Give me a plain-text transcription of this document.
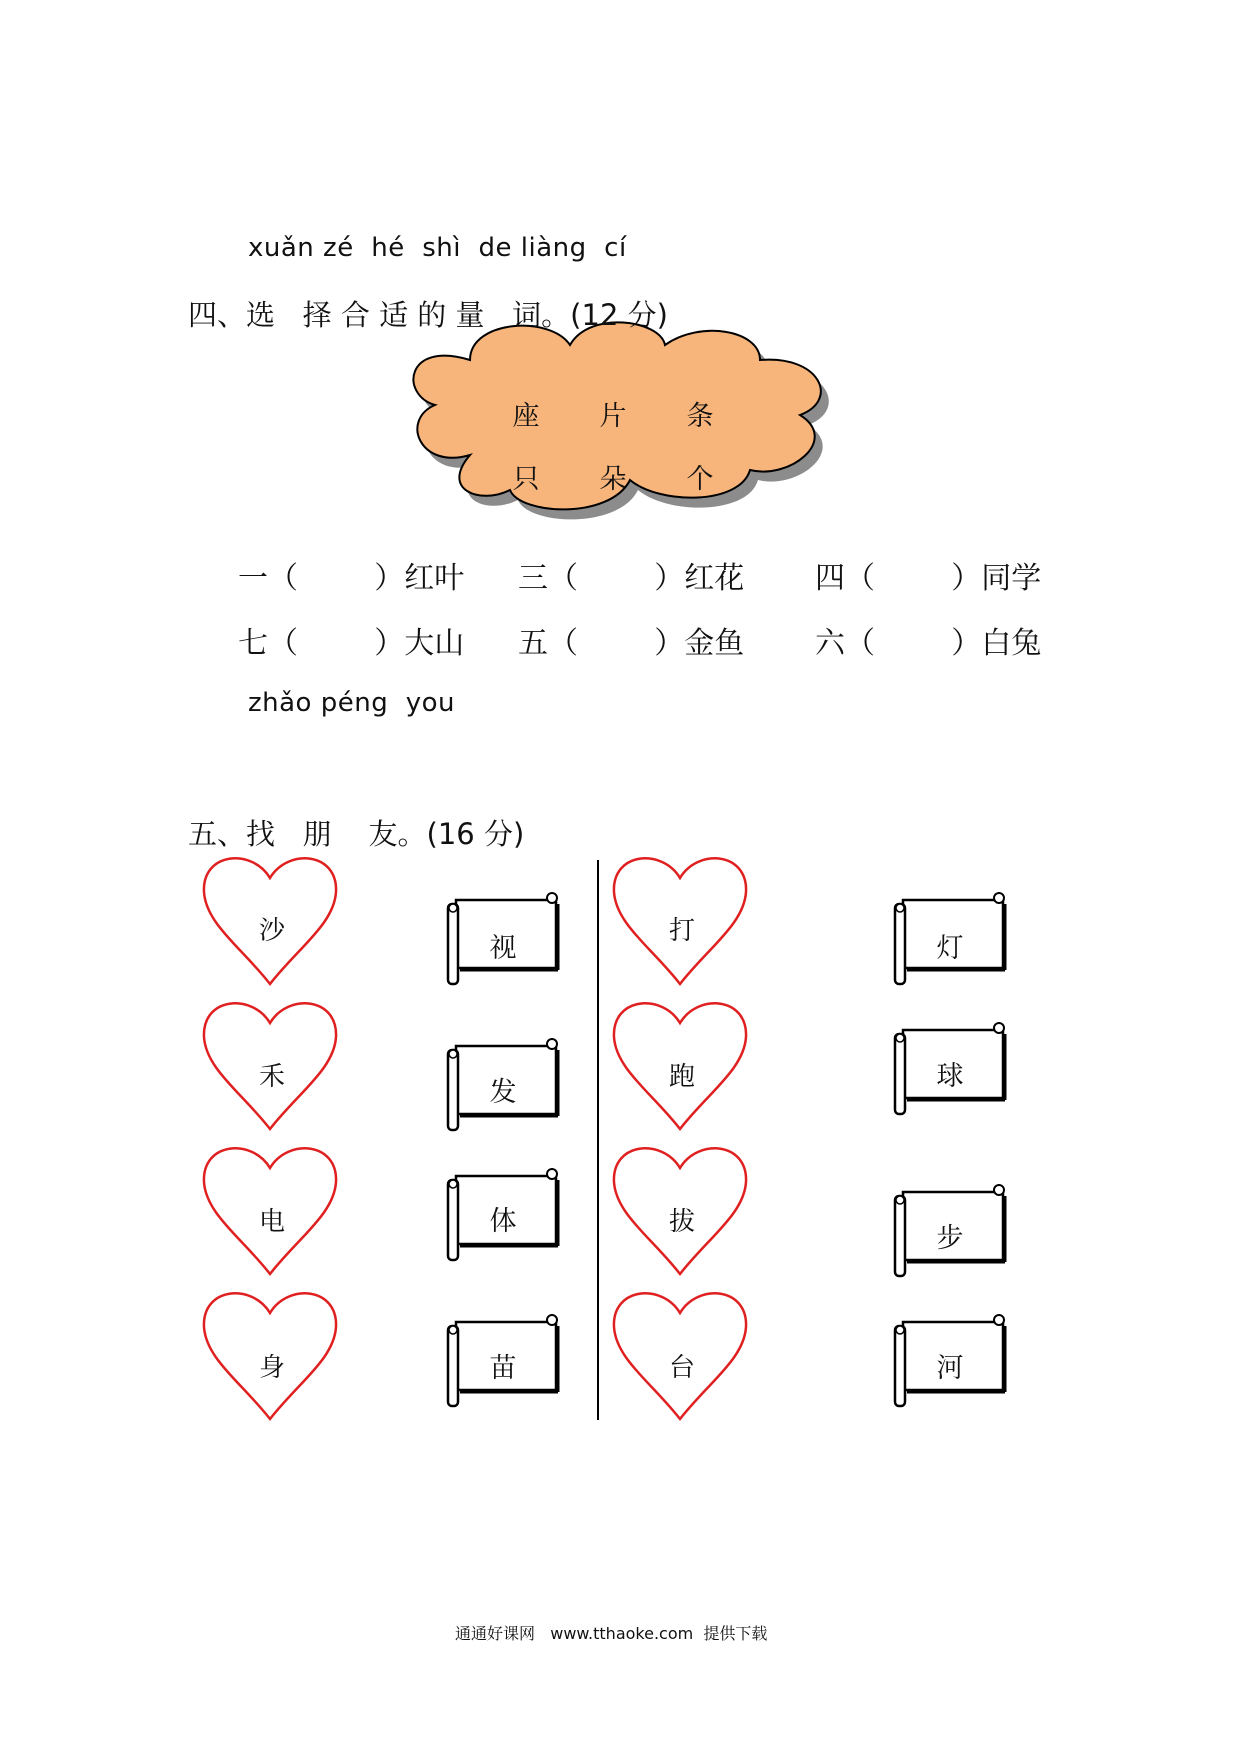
xuǎn zé  hé  shì  de liàng  cí
四、选   择 合 适 的 量   词。(12 分)
座 片 条
只 朵 个
一（        ）红叶 三（        ）红花 四（        ）同学
七（        ）大山 五（        ）金鱼 六（        ）白兔
zhǎo péng  you
五、找   朋    友。(16 分)
沙
禾
电
身
视
发
体
苗
打
跑
拔
台
灯
球
步
河
通通好课网   www.tthaoke.com  提供下载
